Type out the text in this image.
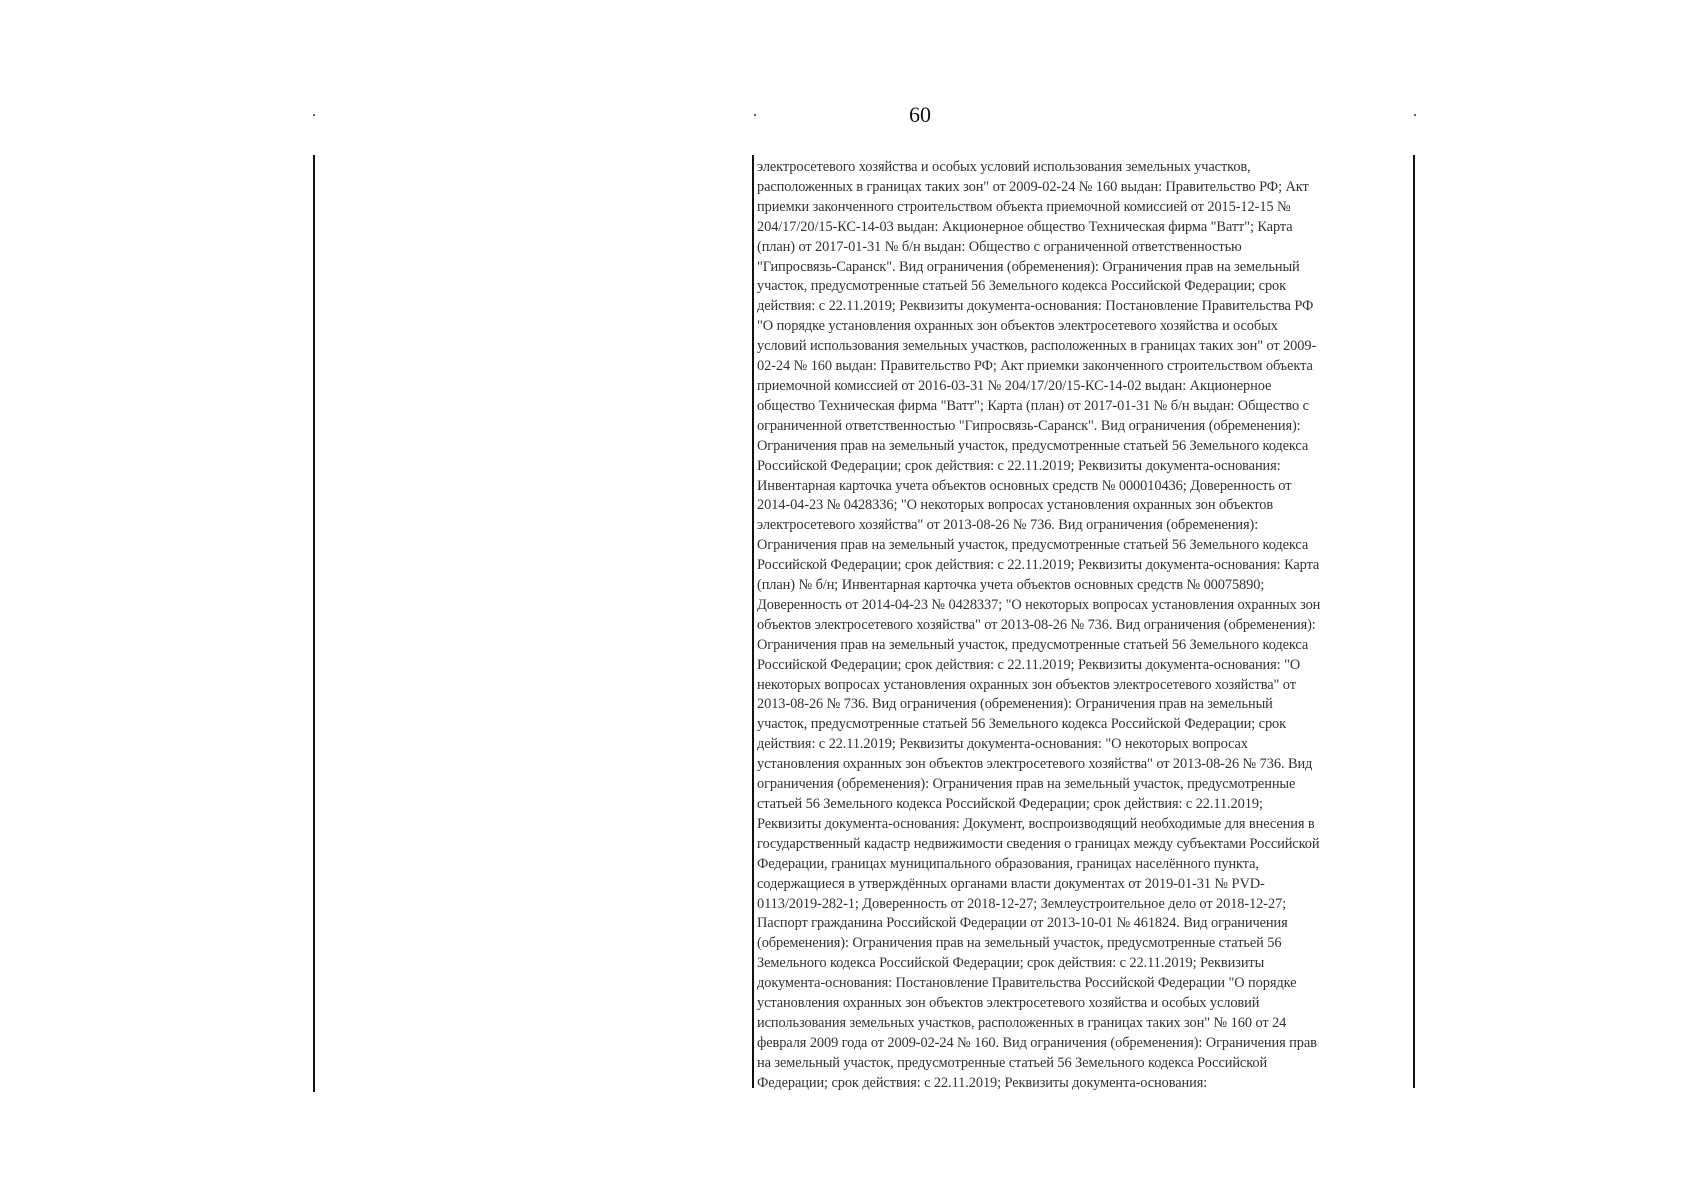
.	.	.
60

электросетевого хозяйства и особых условий использования земельных участков,

расположенных в границах таких зон" от 2009-02-24 № 160 выдан: Правительство РФ; Акт

приемки законченного строительством объекта приемочной комиссией от 2015-12-15 №

204/17/20/15-КС-14-03 выдан: Акционерное общество Техническая фирма "Ватт"; Карта

(план) от 2017-01-31 № б/н выдан: Общество с ограниченной ответственностью

"Гипросвязь-Саранск". Вид ограничения (обременения): Ограничения прав на земельный

участок, предусмотренные статьей 56 Земельного кодекса Российской Федерации; срок

действия: с 22.11.2019; Реквизиты документа-основания: Постановление Правительства РФ

"О порядке установления охранных зон объектов электросетевого хозяйства и особых

условий использования земельных участков, расположенных в границах таких зон" от 2009-

02-24 № 160 выдан: Правительство РФ; Акт приемки законченного строительством объекта

приемочной комиссией от 2016-03-31 № 204/17/20/15-КС-14-02 выдан: Акционерное

общество Техническая фирма "Ватт"; Карта (план) от 2017-01-31 № б/н выдан: Общество с

ограниченной ответственностью "Гипросвязь-Саранск". Вид ограничения (обременения):

Ограничения прав на земельный участок, предусмотренные статьей 56 Земельного кодекса

Российской Федерации; срок действия: с 22.11.2019; Реквизиты документа-основания:

Инвентарная карточка учета объектов основных средств № 000010436; Доверенность от

2014-04-23 № 0428336; "О некоторых вопросах установления охранных зон объектов

электросетевого хозяйства" от 2013-08-26 № 736. Вид ограничения (обременения):

Ограничения прав на земельный участок, предусмотренные статьей 56 Земельного кодекса

Российской Федерации; срок действия: с 22.11.2019; Реквизиты документа-основания: Карта

(план) № б/н; Инвентарная карточка учета объектов основных средств № 00075890;

Доверенность от 2014-04-23 № 0428337; "О некоторых вопросах установления охранных зон

объектов электросетевого хозяйства" от 2013-08-26 № 736. Вид ограничения (обременения):

Ограничения прав на земельный участок, предусмотренные статьей 56 Земельного кодекса

Российской Федерации; срок действия: с 22.11.2019; Реквизиты документа-основания: "О

некоторых вопросах установления охранных зон объектов электросетевого хозяйства" от

2013-08-26 № 736. Вид ограничения (обременения): Ограничения прав на земельный

участок, предусмотренные статьей 56 Земельного кодекса Российской Федерации; срок

действия: с 22.11.2019; Реквизиты документа-основания: "О некоторых вопросах

установления охранных зон объектов электросетевого хозяйства" от 2013-08-26 № 736. Вид

ограничения (обременения): Ограничения прав на земельный участок, предусмотренные

статьей 56 Земельного кодекса Российской Федерации; срок действия: с 22.11.2019;

Реквизиты документа-основания: Документ, воспроизводящий необходимые для внесения в

государственный кадастр недвижимости сведения о границах между субъектами Российской

Федерации, границах муниципального образования, границах населённого пункта,

содержащиеся в утверждённых органами власти документах от 2019-01-31 № PVD-

0113/2019-282-1; Доверенность от 2018-12-27; Землеустроительное дело от 2018-12-27;

Паспорт гражданина Российской Федерации от 2013-10-01 № 461824. Вид ограничения

(обременения): Ограничения прав на земельный участок, предусмотренные статьей 56

Земельного кодекса Российской Федерации; срок действия: с 22.11.2019; Реквизиты

документа-основания: Постановление Правительства Российской Федерации "О порядке

установления охранных зон объектов электросетевого хозяйства и особых условий

использования земельных участков, расположенных в границах таких зон" № 160 от 24

февраля 2009 года от 2009-02-24 № 160. Вид ограничения (обременения): Ограничения прав

на земельный участок, предусмотренные статьей 56 Земельного кодекса Российской

Федерации; срок действия: с 22.11.2019; Реквизиты документа-основания:
